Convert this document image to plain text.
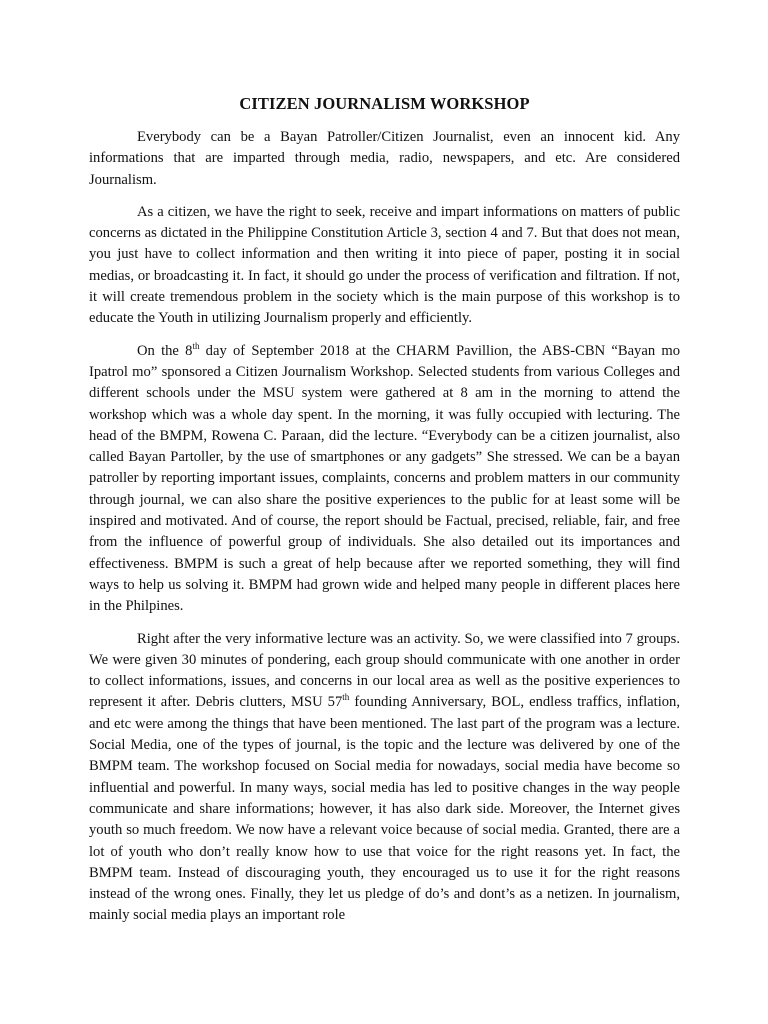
CITIZEN JOURNALISM WORKSHOP

Everybody can be a Bayan Patroller/Citizen Journalist, even an innocent kid. Any informations that are imparted through media, radio, newspapers, and etc. Are considered Journalism.

As a citizen, we have the right to seek, receive and impart informations on matters of public concerns as dictated in the Philippine Constitution Article 3, section 4 and 7. But that does not mean, you just have to collect information and then writing it into piece of paper, posting it in social medias, or broadcasting it. In fact, it should go under the process of verification and filtration. If not, it will create tremendous problem in the society which is the main purpose of this workshop is to educate the Youth in utilizing Journalism properly and efficiently.

On the 8th day of September 2018 at the CHARM Pavillion, the ABS-CBN “Bayan mo Ipatrol mo” sponsored a Citizen Journalism Workshop. Selected students from various Colleges and different schools under the MSU system were gathered at 8 am in the morning to attend the workshop which was a whole day spent. In the morning, it was fully occupied with lecturing. The head of the BMPM, Rowena C. Paraan, did the lecture. “Everybody can be a citizen journalist, also called Bayan Partoller, by the use of smartphones or any gadgets” She stressed. We can be a bayan patroller by reporting important issues, complaints, concerns and problem matters in our community through journal, we can also share the positive experiences to the public for at least some will be inspired and motivated. And of course, the report should be Factual, precised, reliable, fair, and free from the influence of powerful group of individuals. She also detailed out its importances and effectiveness. BMPM is such a great of help because after we reported something, they will find ways to help us solving it. BMPM had grown wide and helped many people in different places here in the Philpines.

Right after the very informative lecture was an activity. So, we were classified into 7 groups. We were given 30 minutes of pondering, each group should communicate with one another in order to collect informations, issues, and concerns in our local area as well as the positive experiences to represent it after. Debris clutters, MSU 57th founding Anniversary, BOL, endless traffics, inflation, and etc were among the things that have been mentioned. The last part of the program was a lecture. Social Media, one of the types of journal, is the topic and the lecture was delivered by one of the BMPM team. The workshop focused on Social media for nowadays, social media have become so influential and powerful. In many ways, social media has led to positive changes in the way people communicate and share informations; however, it has also dark side. Moreover, the Internet gives youth so much freedom. We now have a relevant voice because of social media. Granted, there are a lot of youth who don’t really know how to use that voice for the right reasons yet. In fact, the BMPM team. Instead of discouraging youth, they encouraged us to use it for the right reasons instead of the wrong ones. Finally, they let us pledge of do’s and dont’s as a netizen. In journalism, mainly social media plays an important role
